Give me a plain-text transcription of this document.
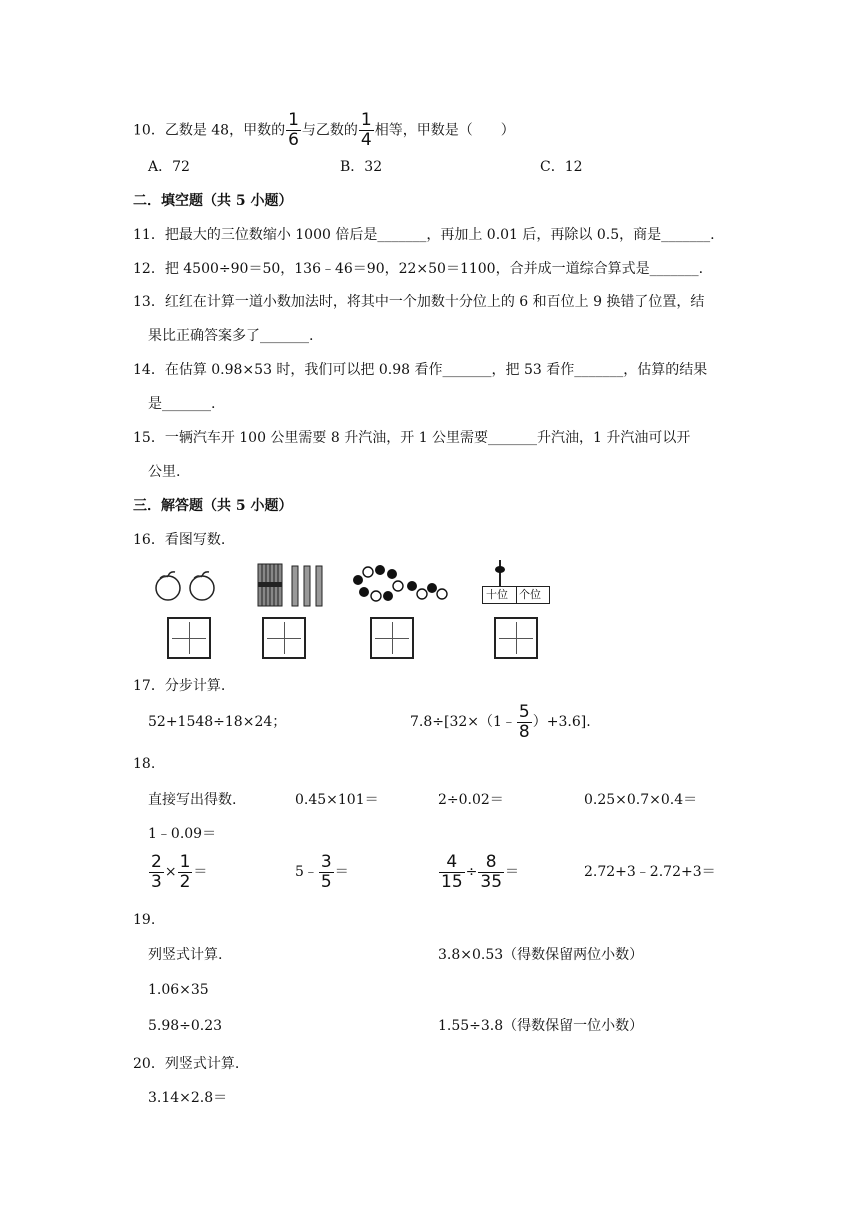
10．乙数是 48，甲数的 $\frac{1}{6}$ 与乙数的 $\frac{1}{4}$ 相等，甲数是（　　）
A．72	B．32	C．12
二．填空题（共 5 小题）
11．把最大的三位数缩小 1000 倍后是_______，再加上 0.01 后，再除以 0.5，商是_______.
12．把 4500÷90＝50，136﹣46＝90，22×50＝1100，合并成一道综合算式是_______.
13．红红在计算一道小数加法时，将其中一个加数十分位上的 6 和百位上 9 换错了位置，结
果比正确答案多了_______.
14．在估算 0.98×53 时，我们可以把 0.98 看作_______，把 53 看作_______，估算的结果
是_______.
15．一辆汽车开 100 公里需要 8 升汽油，开 1 公里需要_______升汽油，1 升汽油可以开
公里.
三．解答题（共 5 小题）
16．看图写数.
十位 个位
17．分步计算.
52+1548÷18×24；	7.8÷[32×（1﹣ $\frac{5}{8} )+3.6$].
18.
直接写出得数.	0.45×101＝	2÷0.02＝	0.25×0.7×0.4＝
1﹣0.09＝
$\frac{2}{3} \times \frac{1}{2}$ ＝	5﹣ $\frac{3}{5}$ ＝	$\frac{4}{15} \div \frac{8}{35}$ ＝	2.72+3﹣2.72+3＝
19.
列竖式计算.	3.8×0.53（得数保留两位小数）
1.06×35
5.98÷0.23	1.55÷3.8（得数保留一位小数）
20．列竖式计算.
3.14×2.8＝
